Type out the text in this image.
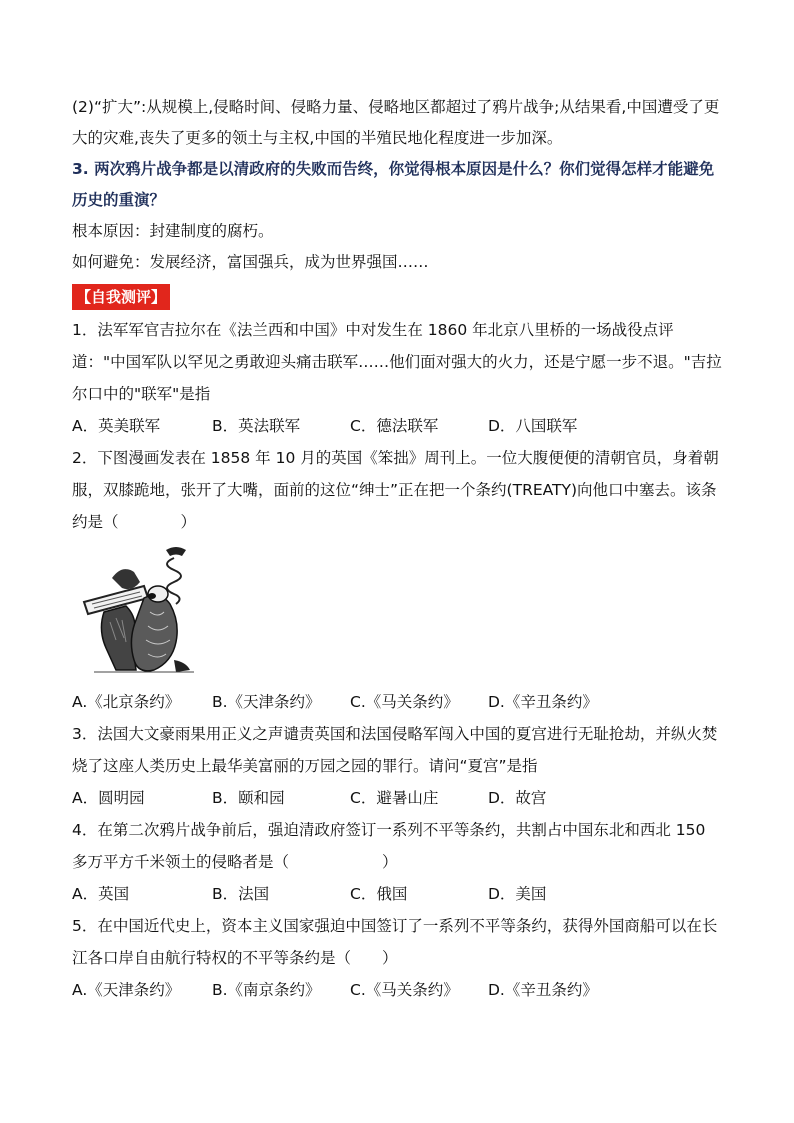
(2)“扩大”:从规模上,侵略时间、侵略力量、侵略地区都超过了鸦片战争;从结果看,中国遭受了更大的灾难,丧失了更多的领土与主权,中国的半殖民地化程度进一步加深。

3. 两次鸦片战争都是以清政府的失败而告终，你觉得根本原因是什么？你们觉得怎样才能避免历史的重演？

根本原因：封建制度的腐朽。

如何避免：发展经济，富国强兵，成为世界强国……

【自我测评】

1．法军军官吉拉尔在《法兰西和中国》中对发生在 1860 年北京八里桥的一场战役点评道："中国军队以罕见之勇敢迎头痛击联军……他们面对强大的火力，还是宁愿一步不退。"吉拉尔口中的"联军"是指

A．英美联军	B．英法联军	C．德法联军	D．八国联军

2．下图漫画发表在 1858 年 10 月的英国《笨拙》周刊上。一位大腹便便的清朝官员，身着朝服，双膝跪地，张开了大嘴，面前的这位“绅士”正在把一个条约(TREATY)向他口中塞去。该条约是（　　　　）

A.《北京条约》	B.《天津条约》	C.《马关条约》	D.《辛丑条约》

3．法国大文豪雨果用正义之声谴责英国和法国侵略军闯入中国的夏宫进行无耻抢劫，并纵火焚烧了这座人类历史上最华美富丽的万园之园的罪行。请问“夏宫”是指

A．圆明园	B．颐和园	C．避暑山庄	D．故宫

4．在第二次鸦片战争前后，强迫清政府签订一系列不平等条约，共割占中国东北和西北 150 多万平方千米领土的侵略者是（　　　　　　）

A．英国	B．法国	C．俄国	D．美国

5．在中国近代史上，资本主义国家强迫中国签订了一系列不平等条约，获得外国商船可以在长江各口岸自由航行特权的不平等条约是（　　）

A.《天津条约》	B.《南京条约》	C.《马关条约》	D.《辛丑条约》
